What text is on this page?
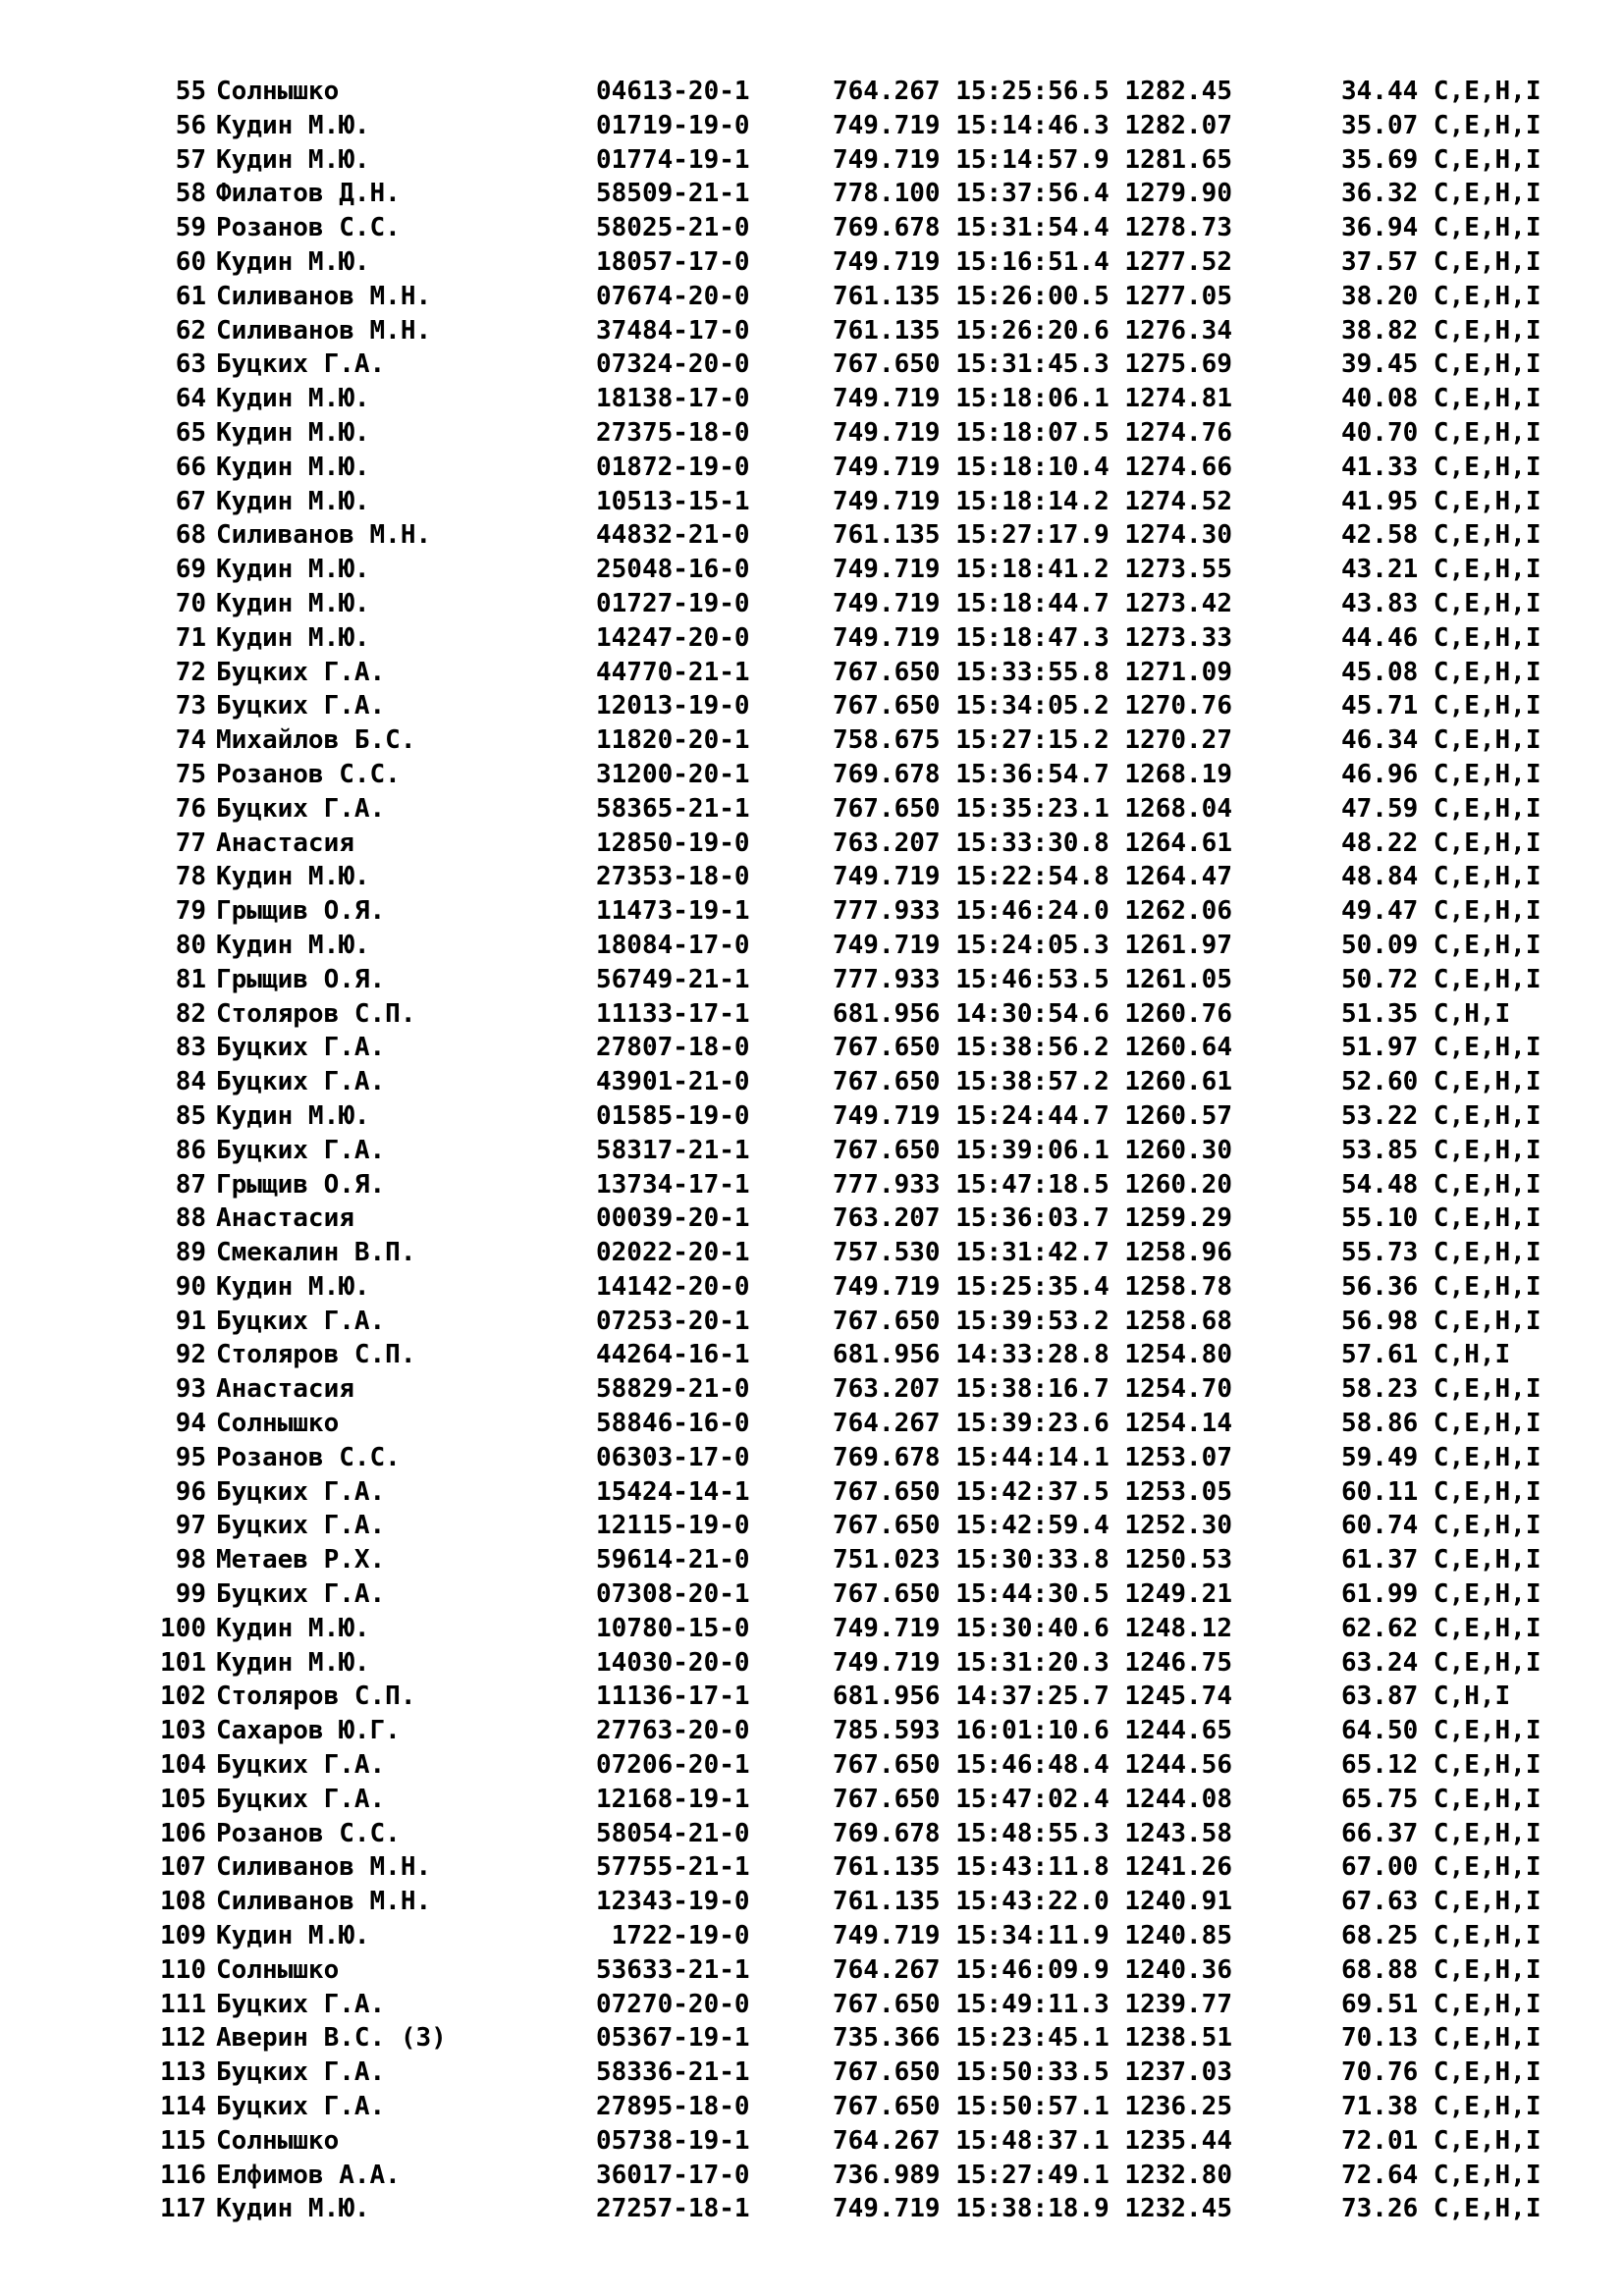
55 Солнышко	04613-20-1	764.267 15:25:56.5 1282.45	34.44 C,E,H,I
56 Кудин М.Ю.	01719-19-0	749.719 15:14:46.3 1282.07	35.07 C,E,H,I
57 Кудин М.Ю.	01774-19-1	749.719 15:14:57.9 1281.65	35.69 C,E,H,I
58 Филатов Д.Н.	58509-21-1	778.100 15:37:56.4 1279.90	36.32 C,E,H,I
59 Розанов С.С.	58025-21-0	769.678 15:31:54.4 1278.73	36.94 C,E,H,I
60 Кудин М.Ю.	18057-17-0	749.719 15:16:51.4 1277.52	37.57 C,E,H,I
61 Силиванов М.Н.	07674-20-0	761.135 15:26:00.5 1277.05	38.20 C,E,H,I
62 Силиванов М.Н.	37484-17-0	761.135 15:26:20.6 1276.34	38.82 C,E,H,I
63 Буцких Г.А.	07324-20-0	767.650 15:31:45.3 1275.69	39.45 C,E,H,I
64 Кудин М.Ю.	18138-17-0	749.719 15:18:06.1 1274.81	40.08 C,E,H,I
65 Кудин М.Ю.	27375-18-0	749.719 15:18:07.5 1274.76	40.70 C,E,H,I
66 Кудин М.Ю.	01872-19-0	749.719 15:18:10.4 1274.66	41.33 C,E,H,I
67 Кудин М.Ю.	10513-15-1	749.719 15:18:14.2 1274.52	41.95 C,E,H,I
68 Силиванов М.Н.	44832-21-0	761.135 15:27:17.9 1274.30	42.58 C,E,H,I
69 Кудин М.Ю.	25048-16-0	749.719 15:18:41.2 1273.55	43.21 C,E,H,I
70 Кудин М.Ю.	01727-19-0	749.719 15:18:44.7 1273.42	43.83 C,E,H,I
71 Кудин М.Ю.	14247-20-0	749.719 15:18:47.3 1273.33	44.46 C,E,H,I
72 Буцких Г.А.	44770-21-1	767.650 15:33:55.8 1271.09	45.08 C,E,H,I
73 Буцких Г.А.	12013-19-0	767.650 15:34:05.2 1270.76	45.71 C,E,H,I
74 Михайлов Б.С.	11820-20-1	758.675 15:27:15.2 1270.27	46.34 C,E,H,I
75 Розанов С.С.	31200-20-1	769.678 15:36:54.7 1268.19	46.96 C,E,H,I
76 Буцких Г.А.	58365-21-1	767.650 15:35:23.1 1268.04	47.59 C,E,H,I
77 Анастасия	12850-19-0	763.207 15:33:30.8 1264.61	48.22 C,E,H,I
78 Кудин М.Ю.	27353-18-0	749.719 15:22:54.8 1264.47	48.84 C,E,H,I
79 Грыщив О.Я.	11473-19-1	777.933 15:46:24.0 1262.06	49.47 C,E,H,I
80 Кудин М.Ю.	18084-17-0	749.719 15:24:05.3 1261.97	50.09 C,E,H,I
81 Грыщив О.Я.	56749-21-1	777.933 15:46:53.5 1261.05	50.72 C,E,H,I
82 Столяров С.П.	11133-17-1	681.956 14:30:54.6 1260.76	51.35 C,H,I
83 Буцких Г.А.	27807-18-0	767.650 15:38:56.2 1260.64	51.97 C,E,H,I
84 Буцких Г.А.	43901-21-0	767.650 15:38:57.2 1260.61	52.60 C,E,H,I
85 Кудин М.Ю.	01585-19-0	749.719 15:24:44.7 1260.57	53.22 C,E,H,I
86 Буцких Г.А.	58317-21-1	767.650 15:39:06.1 1260.30	53.85 C,E,H,I
87 Грыщив О.Я.	13734-17-1	777.933 15:47:18.5 1260.20	54.48 C,E,H,I
88 Анастасия	00039-20-1	763.207 15:36:03.7 1259.29	55.10 C,E,H,I
89 Смекалин В.П.	02022-20-1	757.530 15:31:42.7 1258.96	55.73 C,E,H,I
90 Кудин М.Ю.	14142-20-0	749.719 15:25:35.4 1258.78	56.36 C,E,H,I
91 Буцких Г.А.	07253-20-1	767.650 15:39:53.2 1258.68	56.98 C,E,H,I
92 Столяров С.П.	44264-16-1	681.956 14:33:28.8 1254.80	57.61 C,H,I
93 Анастасия	58829-21-0	763.207 15:38:16.7 1254.70	58.23 C,E,H,I
94 Солнышко	58846-16-0	764.267 15:39:23.6 1254.14	58.86 C,E,H,I
95 Розанов С.С.	06303-17-0	769.678 15:44:14.1 1253.07	59.49 C,E,H,I
96 Буцких Г.А.	15424-14-1	767.650 15:42:37.5 1253.05	60.11 C,E,H,I
97 Буцких Г.А.	12115-19-0	767.650 15:42:59.4 1252.30	60.74 C,E,H,I
98 Метаев Р.Х.	59614-21-0	751.023 15:30:33.8 1250.53	61.37 C,E,H,I
99 Буцких Г.А.	07308-20-1	767.650 15:44:30.5 1249.21	61.99 C,E,H,I
100 Кудин М.Ю.	10780-15-0	749.719 15:30:40.6 1248.12	62.62 C,E,H,I
101 Кудин М.Ю.	14030-20-0	749.719 15:31:20.3 1246.75	63.24 C,E,H,I
102 Столяров С.П.	11136-17-1	681.956 14:37:25.7 1245.74	63.87 C,H,I
103 Сахаров Ю.Г.	27763-20-0	785.593 16:01:10.6 1244.65	64.50 C,E,H,I
104 Буцких Г.А.	07206-20-1	767.650 15:46:48.4 1244.56	65.12 C,E,H,I
105 Буцких Г.А.	12168-19-1	767.650 15:47:02.4 1244.08	65.75 C,E,H,I
106 Розанов С.С.	58054-21-0	769.678 15:48:55.3 1243.58	66.37 C,E,H,I
107 Силиванов М.Н.	57755-21-1	761.135 15:43:11.8 1241.26	67.00 C,E,H,I
108 Силиванов М.Н.	12343-19-0	761.135 15:43:22.0 1240.91	67.63 C,E,H,I
109 Кудин М.Ю.	1722-19-0	749.719 15:34:11.9 1240.85	68.25 C,E,H,I
110 Солнышко	53633-21-1	764.267 15:46:09.9 1240.36	68.88 C,E,H,I
111 Буцких Г.А.	07270-20-0	767.650 15:49:11.3 1239.77	69.51 C,E,H,I
112 Аверин В.С. (З)	05367-19-1	735.366 15:23:45.1 1238.51	70.13 C,E,H,I
113 Буцких Г.А.	58336-21-1	767.650 15:50:33.5 1237.03	70.76 C,E,H,I
114 Буцких Г.А.	27895-18-0	767.650 15:50:57.1 1236.25	71.38 C,E,H,I
115 Солнышко	05738-19-1	764.267 15:48:37.1 1235.44	72.01 C,E,H,I
116 Елфимов А.А.	36017-17-0	736.989 15:27:49.1 1232.80	72.64 C,E,H,I
117 Кудин М.Ю.	27257-18-1	749.719 15:38:18.9 1232.45	73.26 C,E,H,I
